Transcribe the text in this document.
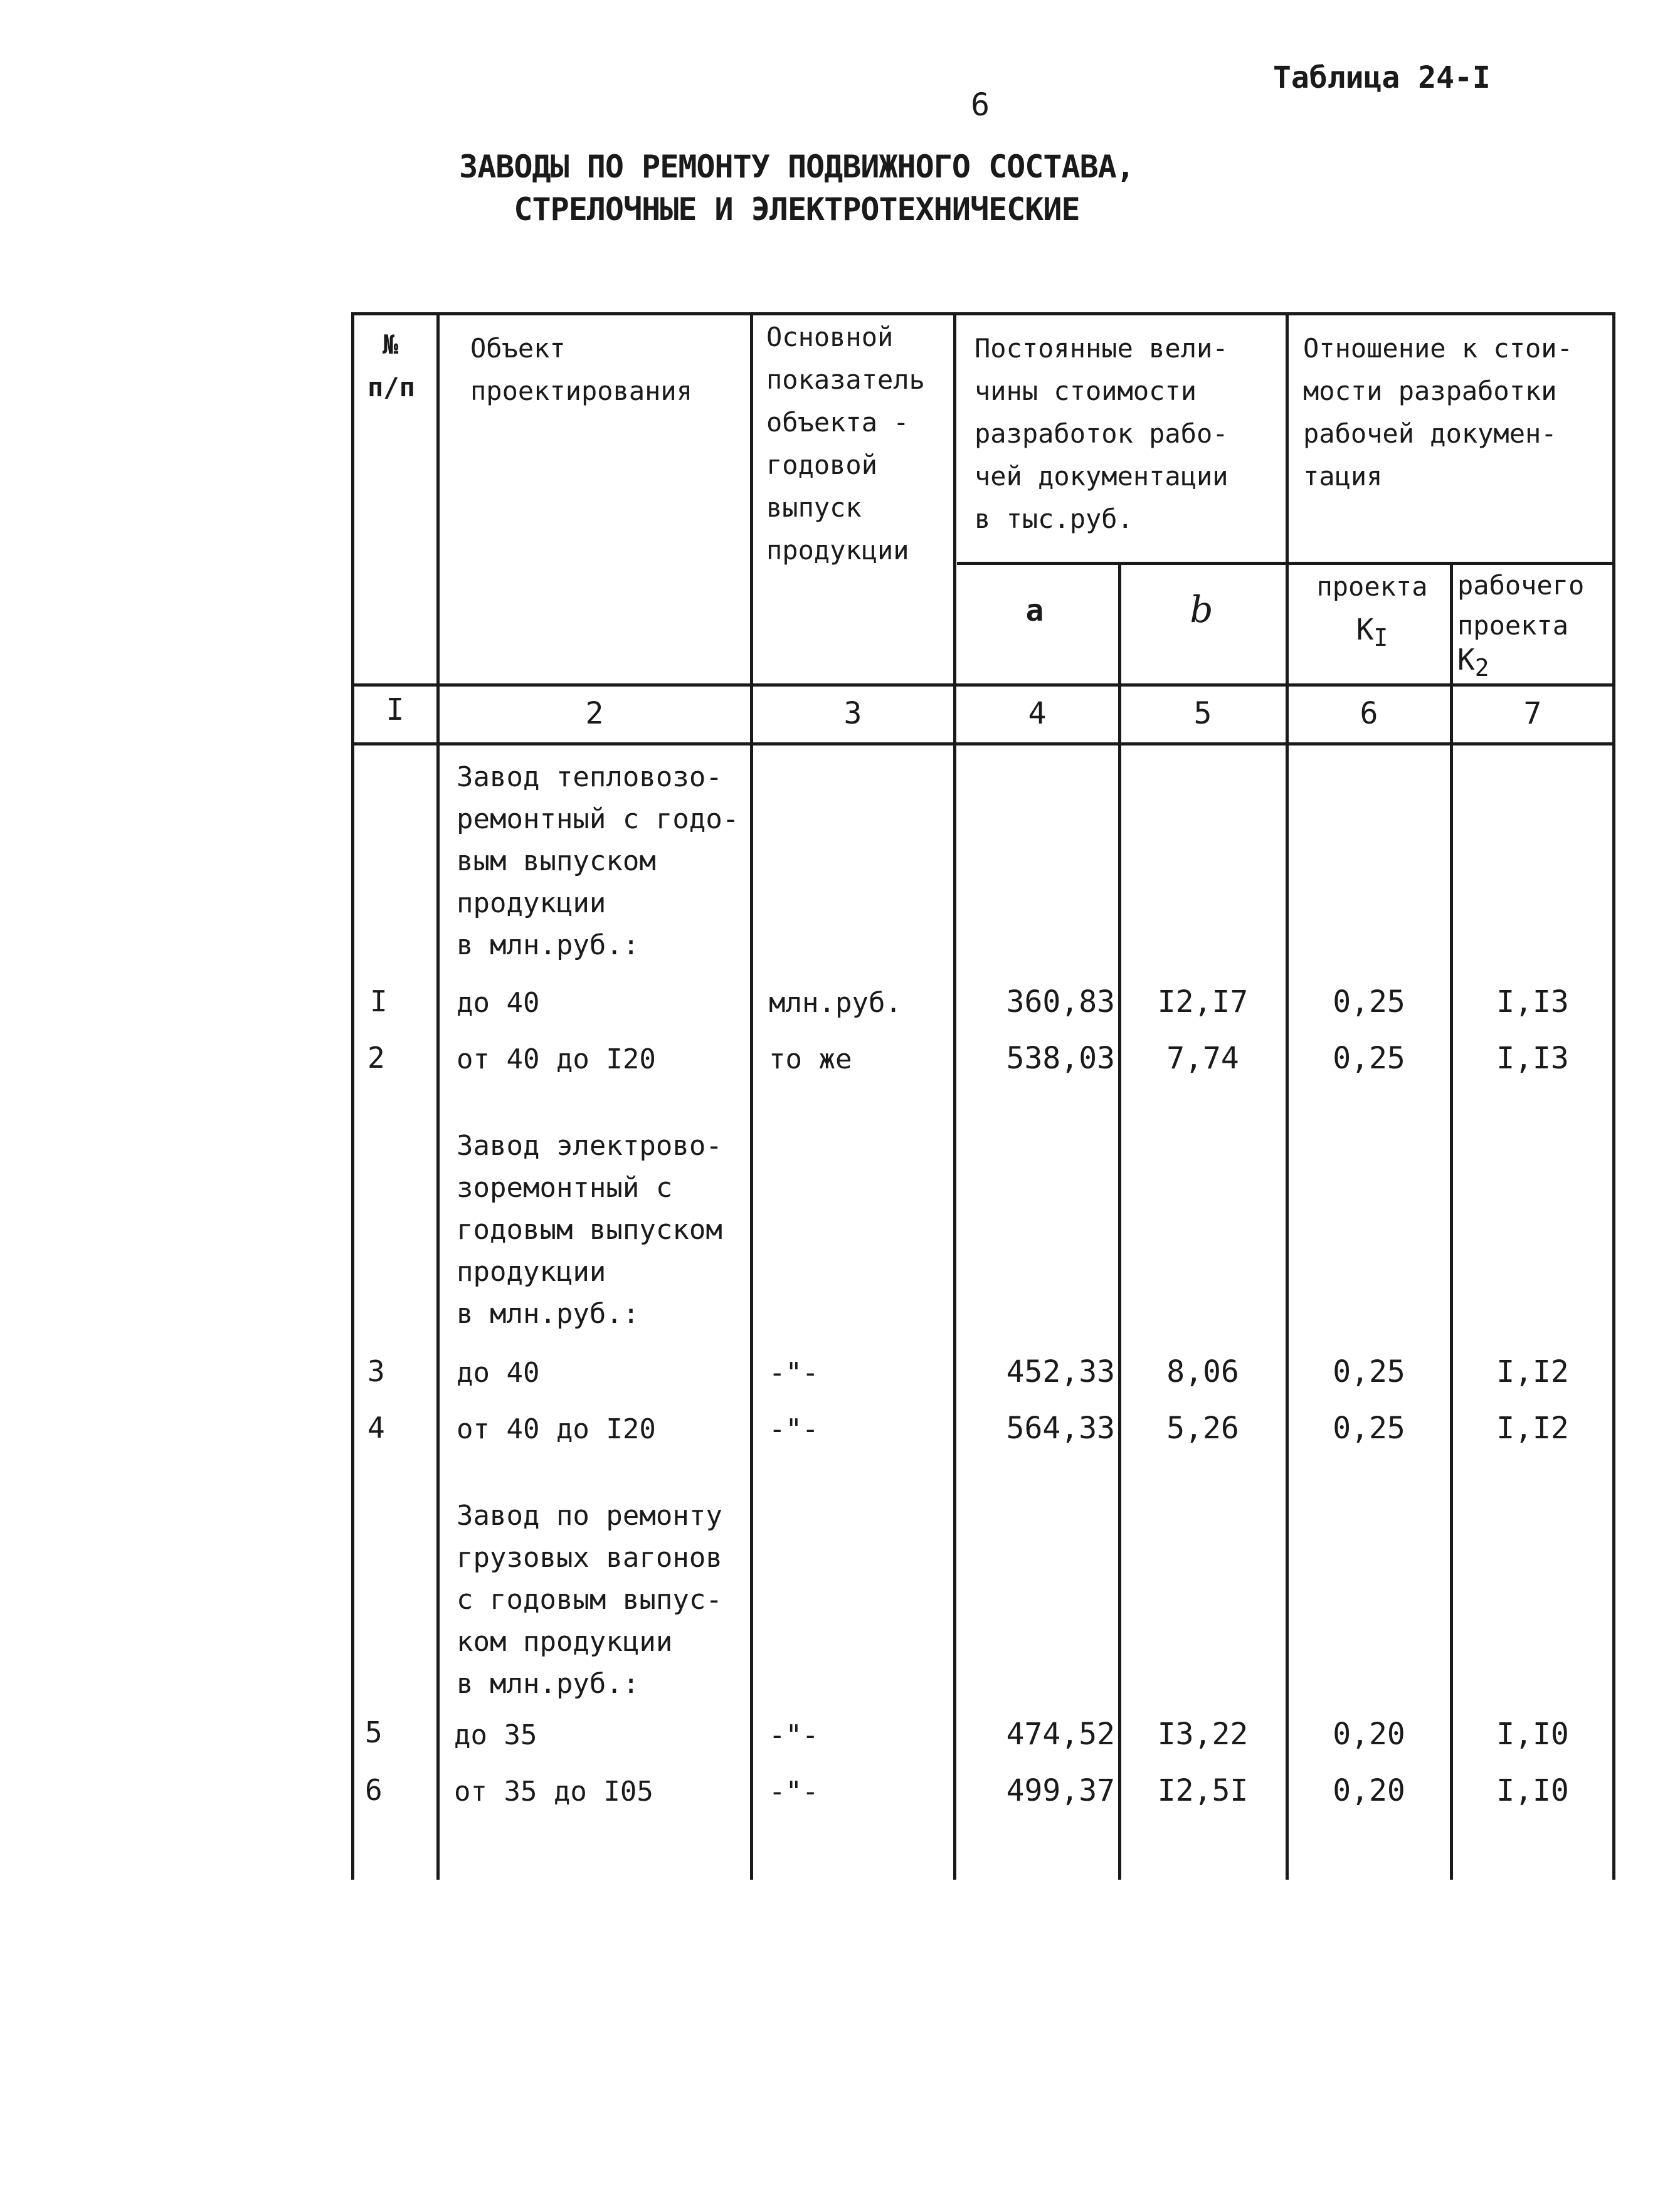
Таблица 24-I
6
ЗАВОДЫ ПО РЕМОНТУ ПОДВИЖНОГО СОСТАВА,
СТРЕЛОЧНЫЕ И ЭЛЕКТРОТЕХНИЧЕСКИЕ
№
п/п
Объект
проектирования
Основной
показатель
объекта -
годовой
выпуск
продукции
Постоянные вели-
чины стоимости
разработок рабо-
чей документации
в тыс.руб.
Отношение к стои-
мости разработки
рабочей докумен-
тация
а	b
проекта
$К_I$
рабочего
проекта
$К_2$
I	2	3	4	5	6	7
Завод тепловозо-
ремонтный с годо-
вым выпуском
продукции
в млн.руб.:
I	до 40	млн.руб.	360,83	I2,I7	0,25	I,I3
2	от 40 до I20	то же	538,03	7,74	0,25	I,I3
Завод электрово-
зоремонтный с
годовым выпуском
продукции
в млн.руб.:
3	до 40	-"-	452,33	8,06	0,25	I,I2
4	от 40 до I20	-"-	564,33	5,26	0,25	I,I2
Завод по ремонту
грузовых вагонов
с годовым выпус-
ком продукции
в млн.руб.:
5	до 35	-"-	474,52	I3,22	0,20	I,I0
6	от 35 до I05	-"-	499,37	I2,5I	0,20	I,I0
